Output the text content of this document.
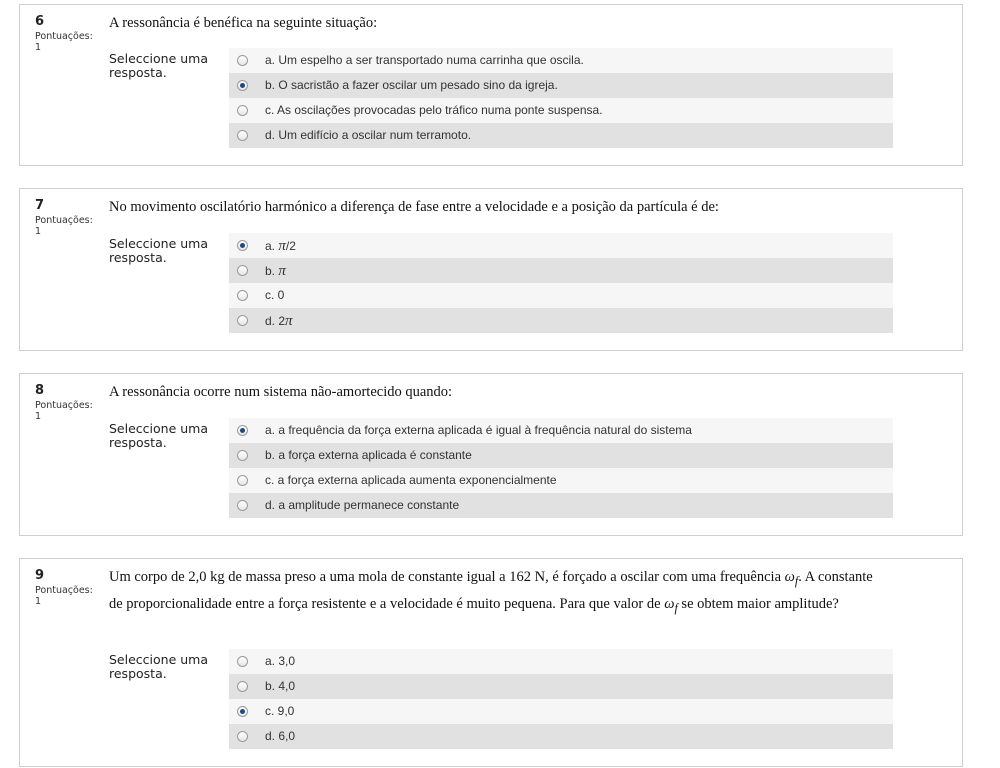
6
Pontuações:
1
A ressonância é benéfica na seguinte situação:
Seleccione uma resposta.
a. Um espelho a ser transportado numa carrinha que oscila.
b. O sacristão a fazer oscilar um pesado sino da igreja.
c. As oscilações provocadas pelo tráfico numa ponte suspensa.
d. Um edifício a oscilar num terramoto.
7
Pontuações:
1
No movimento oscilatório harmónico a diferença de fase entre a velocidade e a posição da partícula é de:
Seleccione uma resposta.
a. π/2
b. π
c. 0
d. 2π
8
Pontuações:
1
A ressonância ocorre num sistema não-amortecido quando:
Seleccione uma resposta.
a. a frequência da força externa aplicada é igual à frequência natural do sistema
b. a força externa aplicada é constante
c. a força externa aplicada aumenta exponencialmente
d. a amplitude permanece constante
9
Pontuações:
1
Um corpo de 2,0 kg de massa preso a uma mola de constante igual a 162 N, é forçado a oscilar com uma frequência $\omega_f$. A constante de proporcionalidade entre a força resistente e a velocidade é muito pequena. Para que valor de $\omega_f$ se obtem maior amplitude?
Seleccione uma resposta.
a. 3,0
b. 4,0
c. 9,0
d. 6,0
